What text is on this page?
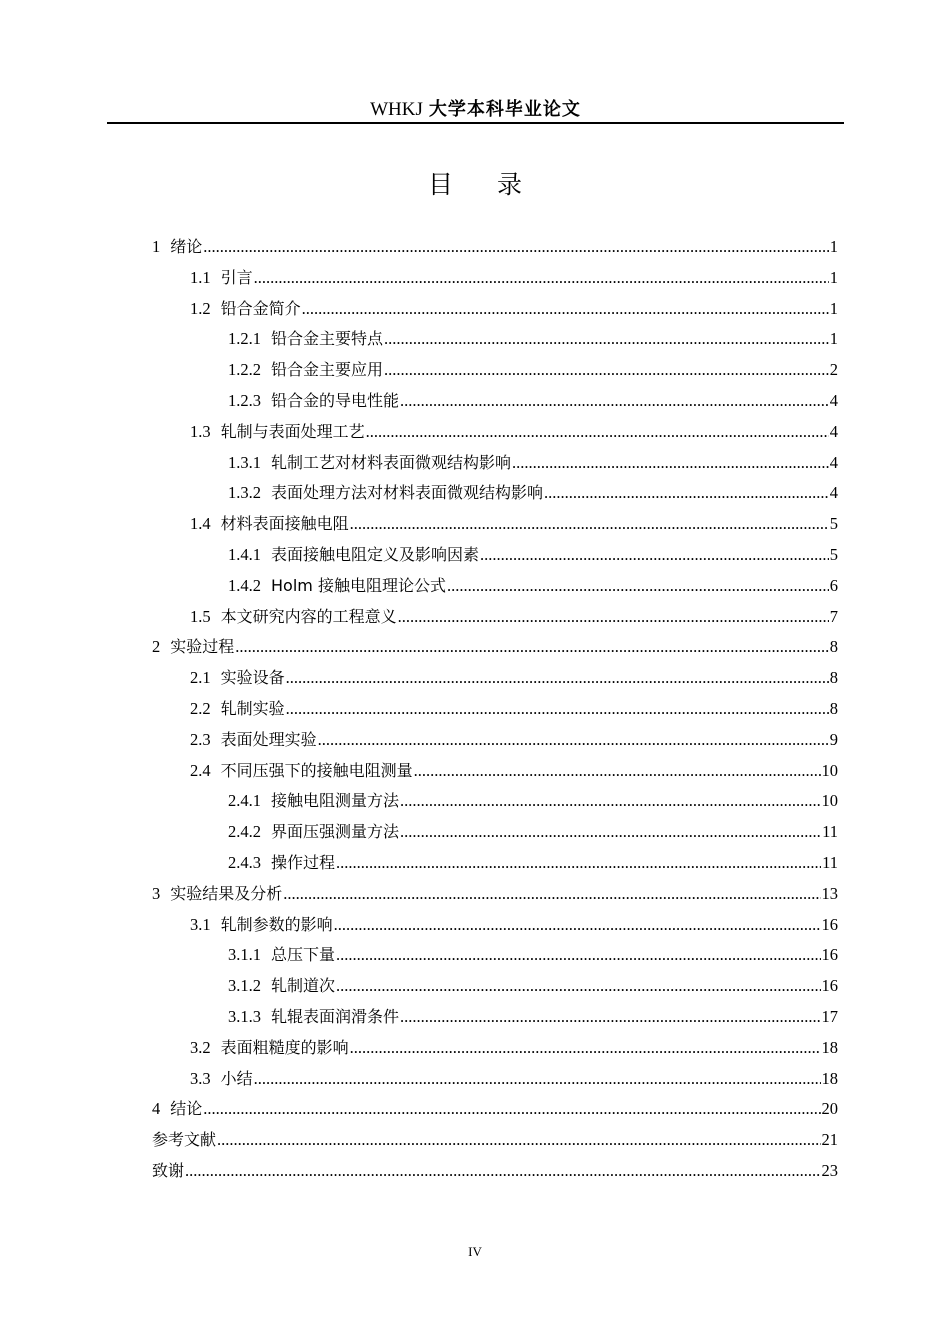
WHKJ 大学本科毕业论文
目 录
1 绪论 .....	1
1.1 引言 .....	1
1.2 铅合金简介 .....	1
1.2.1 铅合金主要特点 .....	1
1.2.2 铅合金主要应用 .....	2
1.2.3 铅合金的导电性能 .....	4
1.3 轧制与表面处理工艺 .....	4
1.3.1 轧制工艺对材料表面微观结构影响 .....	4
1.3.2 表面处理方法对材料表面微观结构影响 .....	4
1.4 材料表面接触电阻 .....	5
1.4.1 表面接触电阻定义及影响因素 .....	5
1.4.2 Holm 接触电阻理论公式 .....	6
1.5 本文研究内容的工程意义 .....	7
2 实验过程 .....	8
2.1 实验设备 .....	8
2.2 轧制实验 .....	8
2.3 表面处理实验 .....	9
2.4 不同压强下的接触电阻测量 .....	10
2.4.1 接触电阻测量方法 .....	10
2.4.2 界面压强测量方法 .....	11
2.4.3 操作过程 .....	11
3 实验结果及分析 .....	13
3.1 轧制参数的影响 .....	16
3.1.1 总压下量 .....	16
3.1.2 轧制道次 .....	16
3.1.3 轧辊表面润滑条件 .....	17
3.2 表面粗糙度的影响 .....	18
3.3 小结 .....	18
4 结论 .....	20
参考文献 .....	21
致谢 .....	23
IV
